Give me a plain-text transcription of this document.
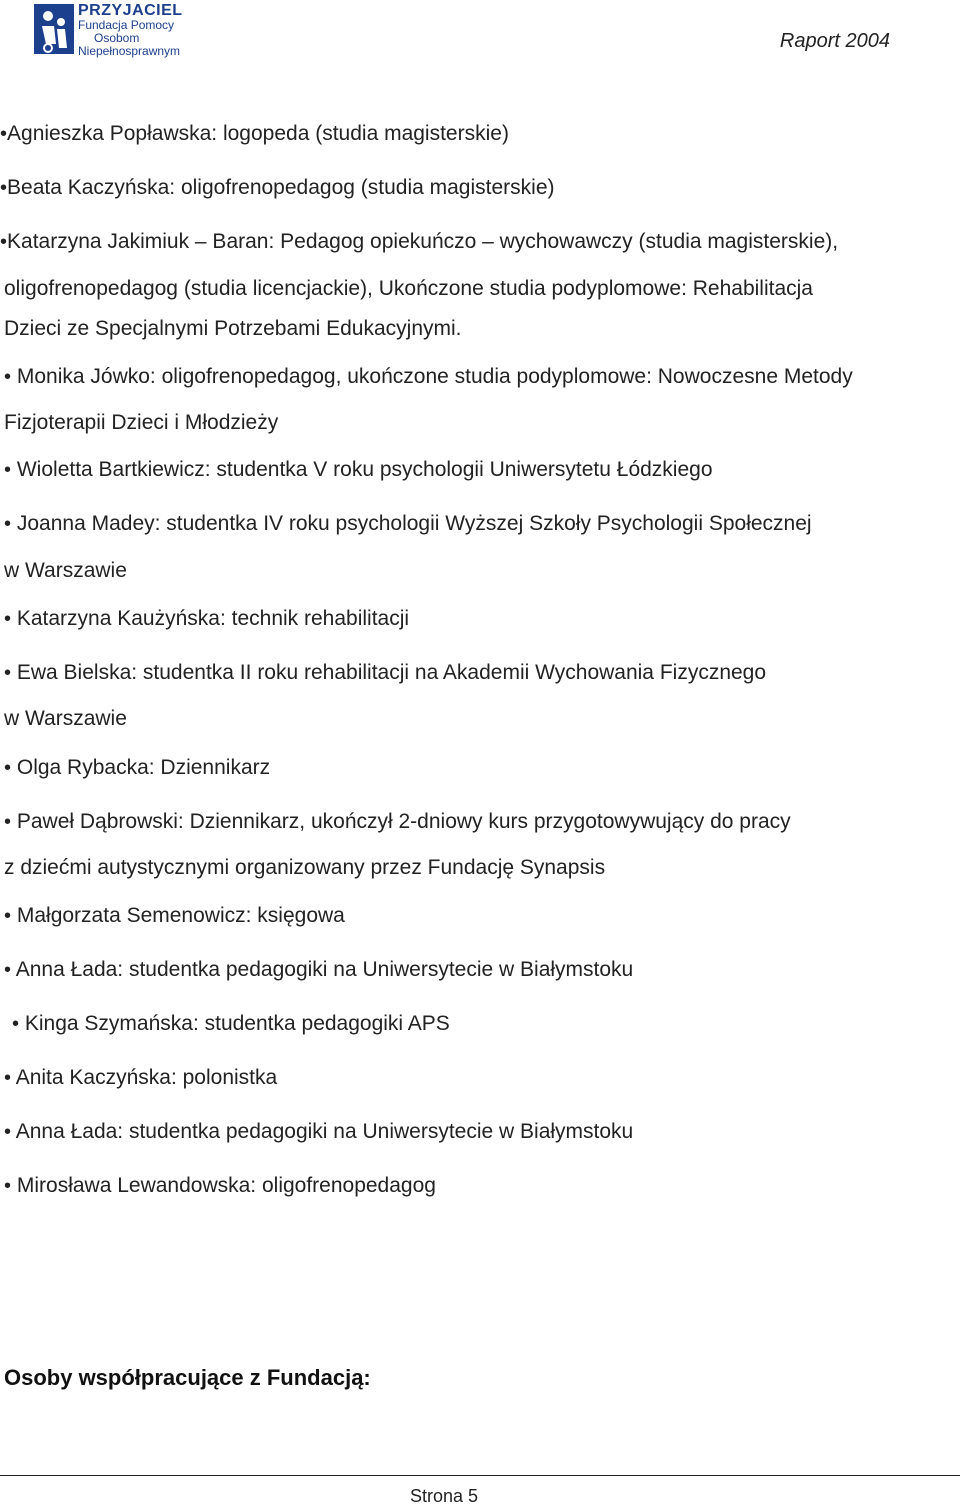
PRZYJACIEL
Fundacja Pomocy
Osobom
Niepełnosprawnym	Raport 2004
•Agnieszka Popławska: logopeda (studia magisterskie)
•Beata Kaczyńska: oligofrenopedagog (studia magisterskie)
•Katarzyna Jakimiuk – Baran: Pedagog opiekuńczo – wychowawczy (studia magisterskie),
oligofrenopedagog (studia licencjackie), Ukończone studia podyplomowe: Rehabilitacja
Dzieci ze Specjalnymi Potrzebami Edukacyjnymi.
• Monika Jówko: oligofrenopedagog, ukończone studia podyplomowe: Nowoczesne Metody
Fizjoterapii Dzieci i Młodzieży
• Wioletta Bartkiewicz: studentka V roku psychologii Uniwersytetu Łódzkiego
• Joanna Madey: studentka IV roku psychologii Wyższej Szkoły Psychologii Społecznej
w Warszawie
• Katarzyna Kaużyńska: technik rehabilitacji
• Ewa Bielska: studentka II roku rehabilitacji na Akademii Wychowania Fizycznego
w Warszawie
• Olga Rybacka: Dziennikarz
• Paweł Dąbrowski: Dziennikarz, ukończył 2-dniowy kurs przygotowywujący do pracy
z dziećmi autystycznymi organizowany przez Fundację Synapsis
• Małgorzata Semenowicz: księgowa
• Anna Łada: studentka pedagogiki na Uniwersytecie w Białymstoku
• Kinga Szymańska: studentka pedagogiki APS
• Anita Kaczyńska: polonistka
• Anna Łada: studentka pedagogiki na Uniwersytecie w Białymstoku
• Mirosława Lewandowska: oligofrenopedagog
Osoby współpracujące z Fundacją:
Strona 5
